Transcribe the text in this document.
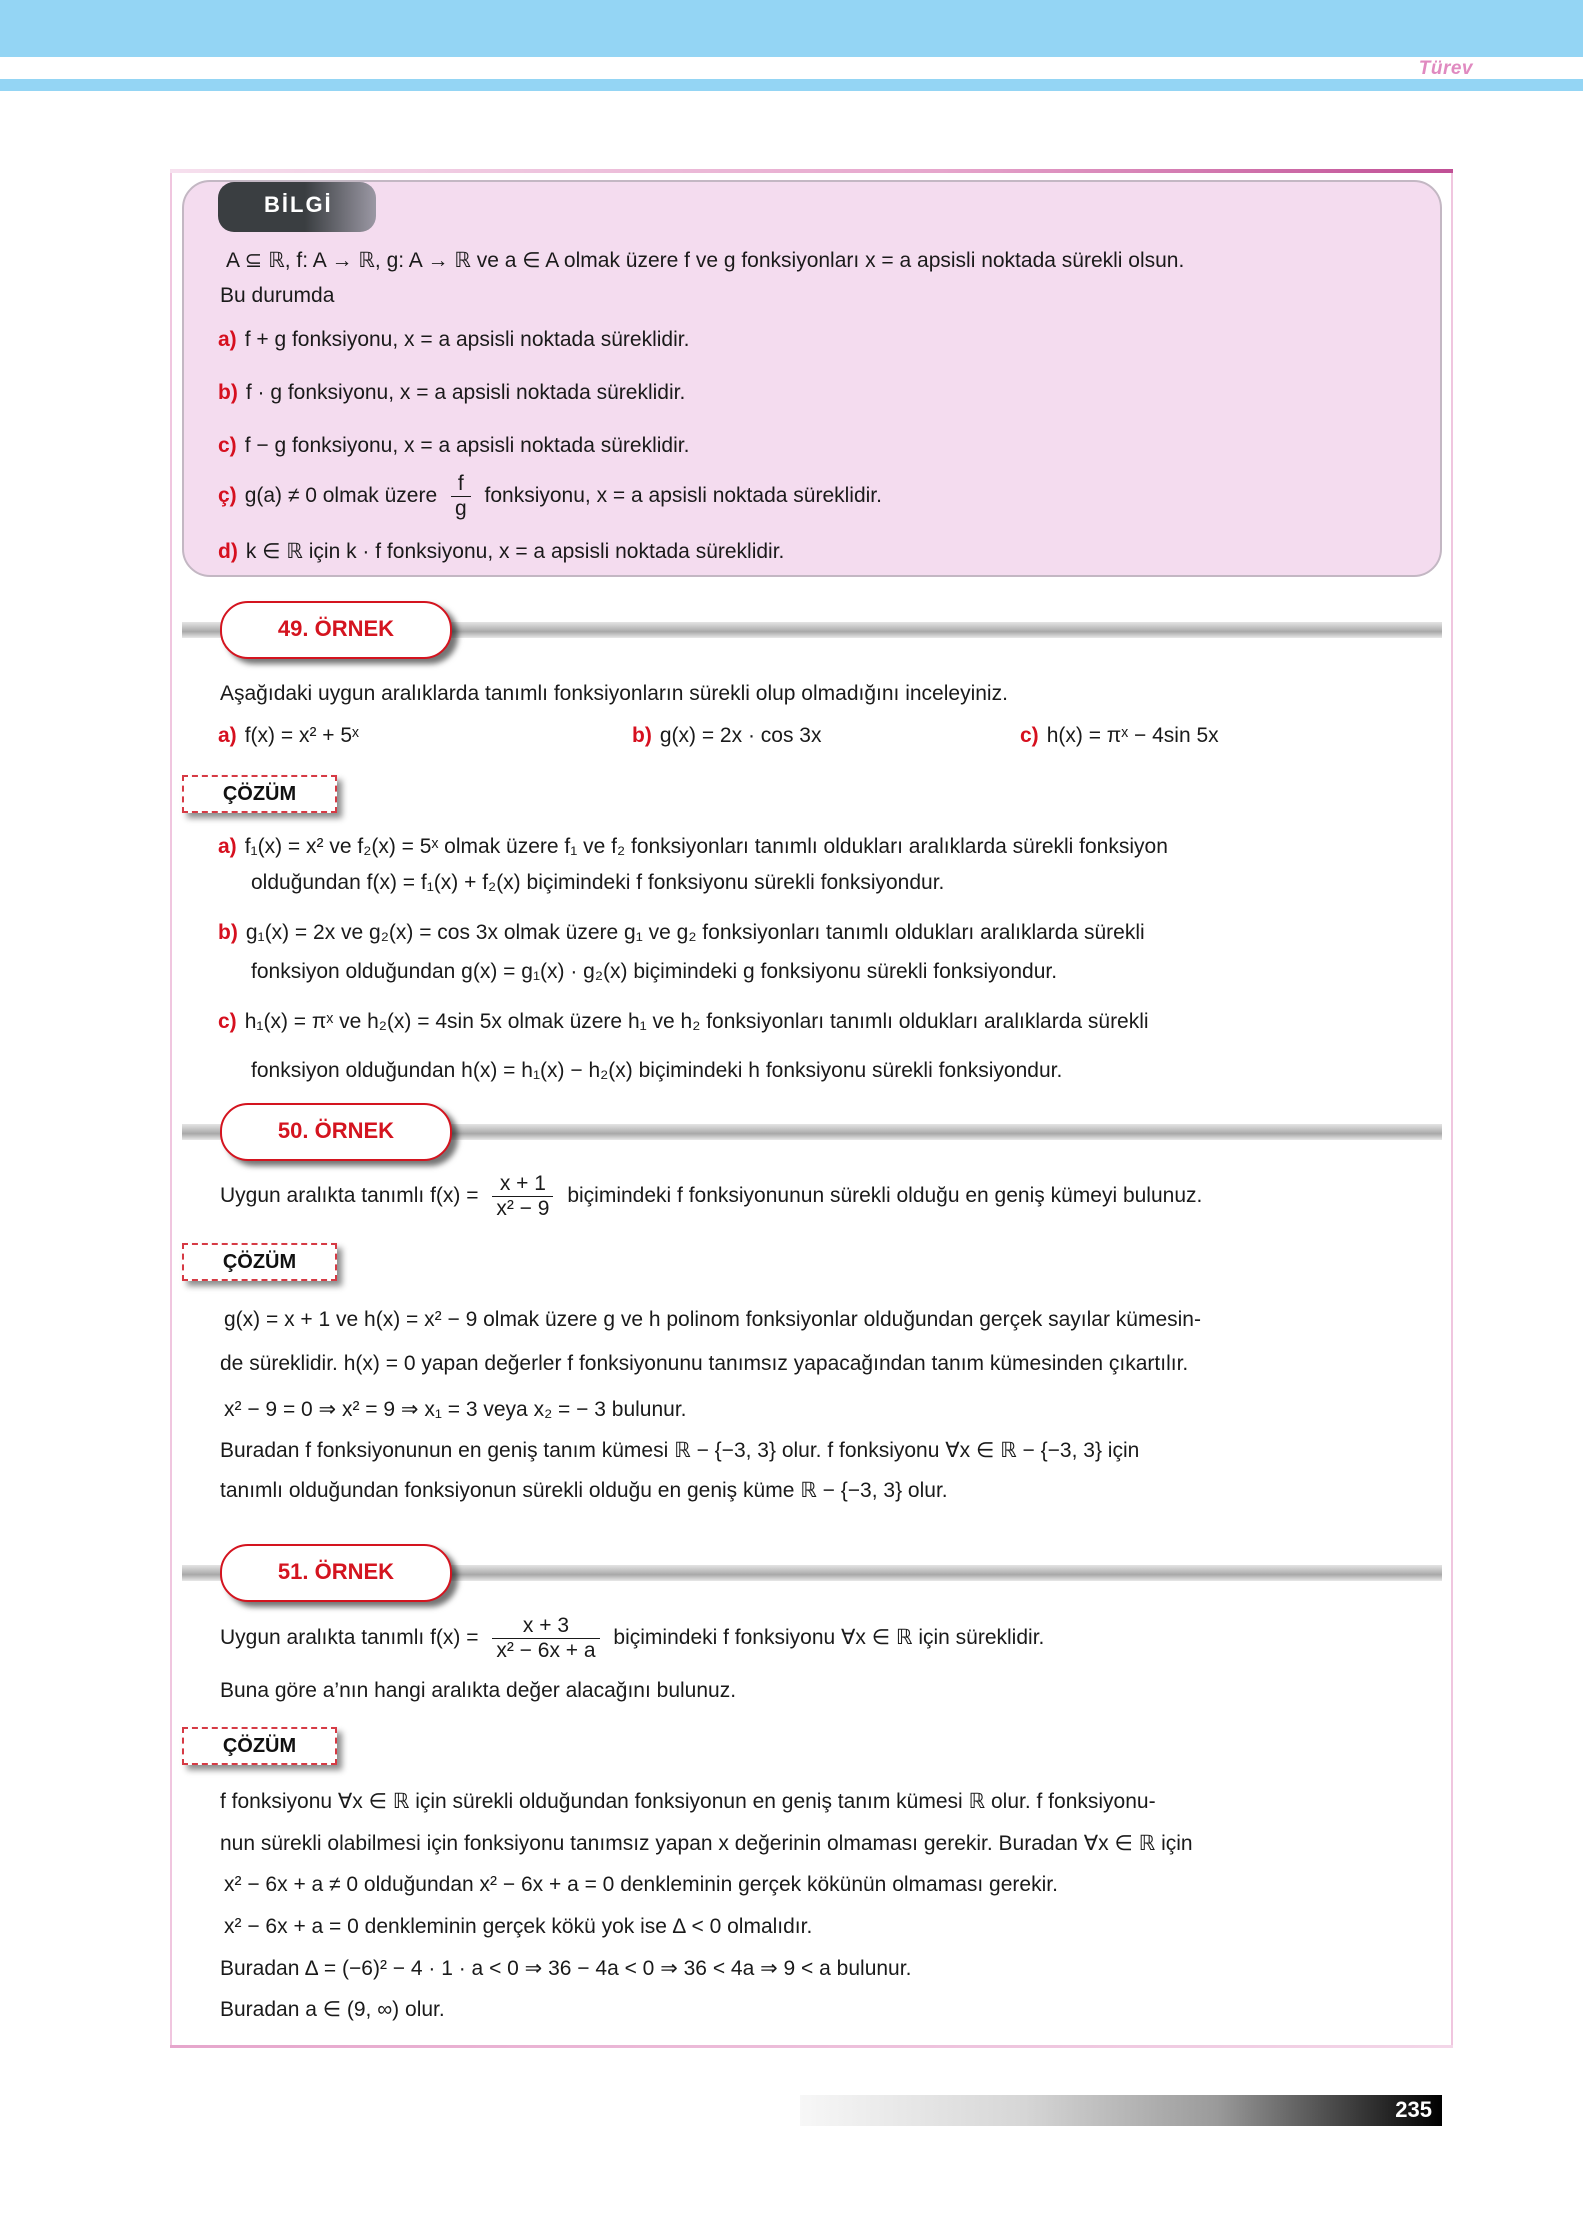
Türev
BİLGİ
A ⊆ ℝ, f: A → ℝ, g: A → ℝ ve a ∈ A olmak üzere f ve g fonksiyonları x = a apsisli noktada sürekli olsun.
Bu durumda
a) f + g fonksiyonu, x = a apsisli noktada süreklidir.
b) f · g fonksiyonu, x = a apsisli noktada süreklidir.
c) f − g fonksiyonu, x = a apsisli noktada süreklidir.
ç) g(a) ≠ 0 olmak üzere $\frac{f}{g}$ fonksiyonu, x = a apsisli noktada süreklidir.
d) k ∈ ℝ için k · f fonksiyonu, x = a apsisli noktada süreklidir.
49. ÖRNEK
Aşağıdaki uygun aralıklarda tanımlı fonksiyonların sürekli olup olmadığını inceleyiniz.
a) f(x) = x² + 5ˣ	b) g(x) = 2x · cos 3x	c) h(x) = πˣ − 4sin 5x
ÇÖZÜM
a) f₁(x) = x² ve f₂(x) = 5ˣ olmak üzere f₁ ve f₂ fonksiyonları tanımlı oldukları aralıklarda sürekli fonksiyon
olduğundan f(x) = f₁(x) + f₂(x) biçimindeki f fonksiyonu sürekli fonksiyondur.
b) g₁(x) = 2x ve g₂(x) = cos 3x olmak üzere g₁ ve g₂ fonksiyonları tanımlı oldukları aralıklarda sürekli
fonksiyon olduğundan g(x) = g₁(x) · g₂(x) biçimindeki g fonksiyonu sürekli fonksiyondur.
c) h₁(x) = πˣ ve h₂(x) = 4sin 5x olmak üzere h₁ ve h₂ fonksiyonları tanımlı oldukları aralıklarda sürekli
fonksiyon olduğundan h(x) = h₁(x) − h₂(x) biçimindeki h fonksiyonu sürekli fonksiyondur.
50. ÖRNEK
Uygun aralıkta tanımlı $f(x) = \frac{x + 1}{\text{x² − 9}}$ biçimindeki f fonksiyonunun sürekli olduğu en geniş kümeyi bulunuz.
ÇÖZÜM
g(x) = x + 1 ve h(x) = x² − 9 olmak üzere g ve h polinom fonksiyonlar olduğundan gerçek sayılar kümesin-
de süreklidir. h(x) = 0 yapan değerler f fonksiyonunu tanımsız yapacağından tanım kümesinden çıkartılır.
x² − 9 = 0 ⇒ x² = 9 ⇒ x₁ = 3 veya x₂ = − 3 bulunur.
Buradan f fonksiyonunun en geniş tanım kümesi ℝ − {−3, 3} olur. f fonksiyonu ∀x ∈ ℝ − {−3, 3} için
tanımlı olduğundan fonksiyonun sürekli olduğu en geniş küme ℝ − {−3, 3} olur.
51. ÖRNEK
Uygun aralıkta tanımlı $f(x) = \frac{x + 3}{\text{x² − 6x + a}}$ biçimindeki f fonksiyonu ∀x ∈ ℝ için süreklidir.
Buna göre a’nın hangi aralıkta değer alacağını bulunuz.
ÇÖZÜM
f fonksiyonu ∀x ∈ ℝ için sürekli olduğundan fonksiyonun en geniş tanım kümesi ℝ olur. f fonksiyonu-
nun sürekli olabilmesi için fonksiyonu tanımsız yapan x değerinin olmaması gerekir. Buradan ∀x ∈ ℝ için
x² − 6x + a ≠ 0 olduğundan x² − 6x + a = 0 denkleminin gerçek kökünün olmaması gerekir.
x² − 6x + a = 0 denkleminin gerçek kökü yok ise ∆ < 0 olmalıdır.
Buradan ∆ = (−6)² − 4 · 1 · a < 0 ⇒ 36 − 4a < 0 ⇒ 36 < 4a ⇒ 9 < a bulunur.
Buradan a ∈ (9, ∞) olur.
235
